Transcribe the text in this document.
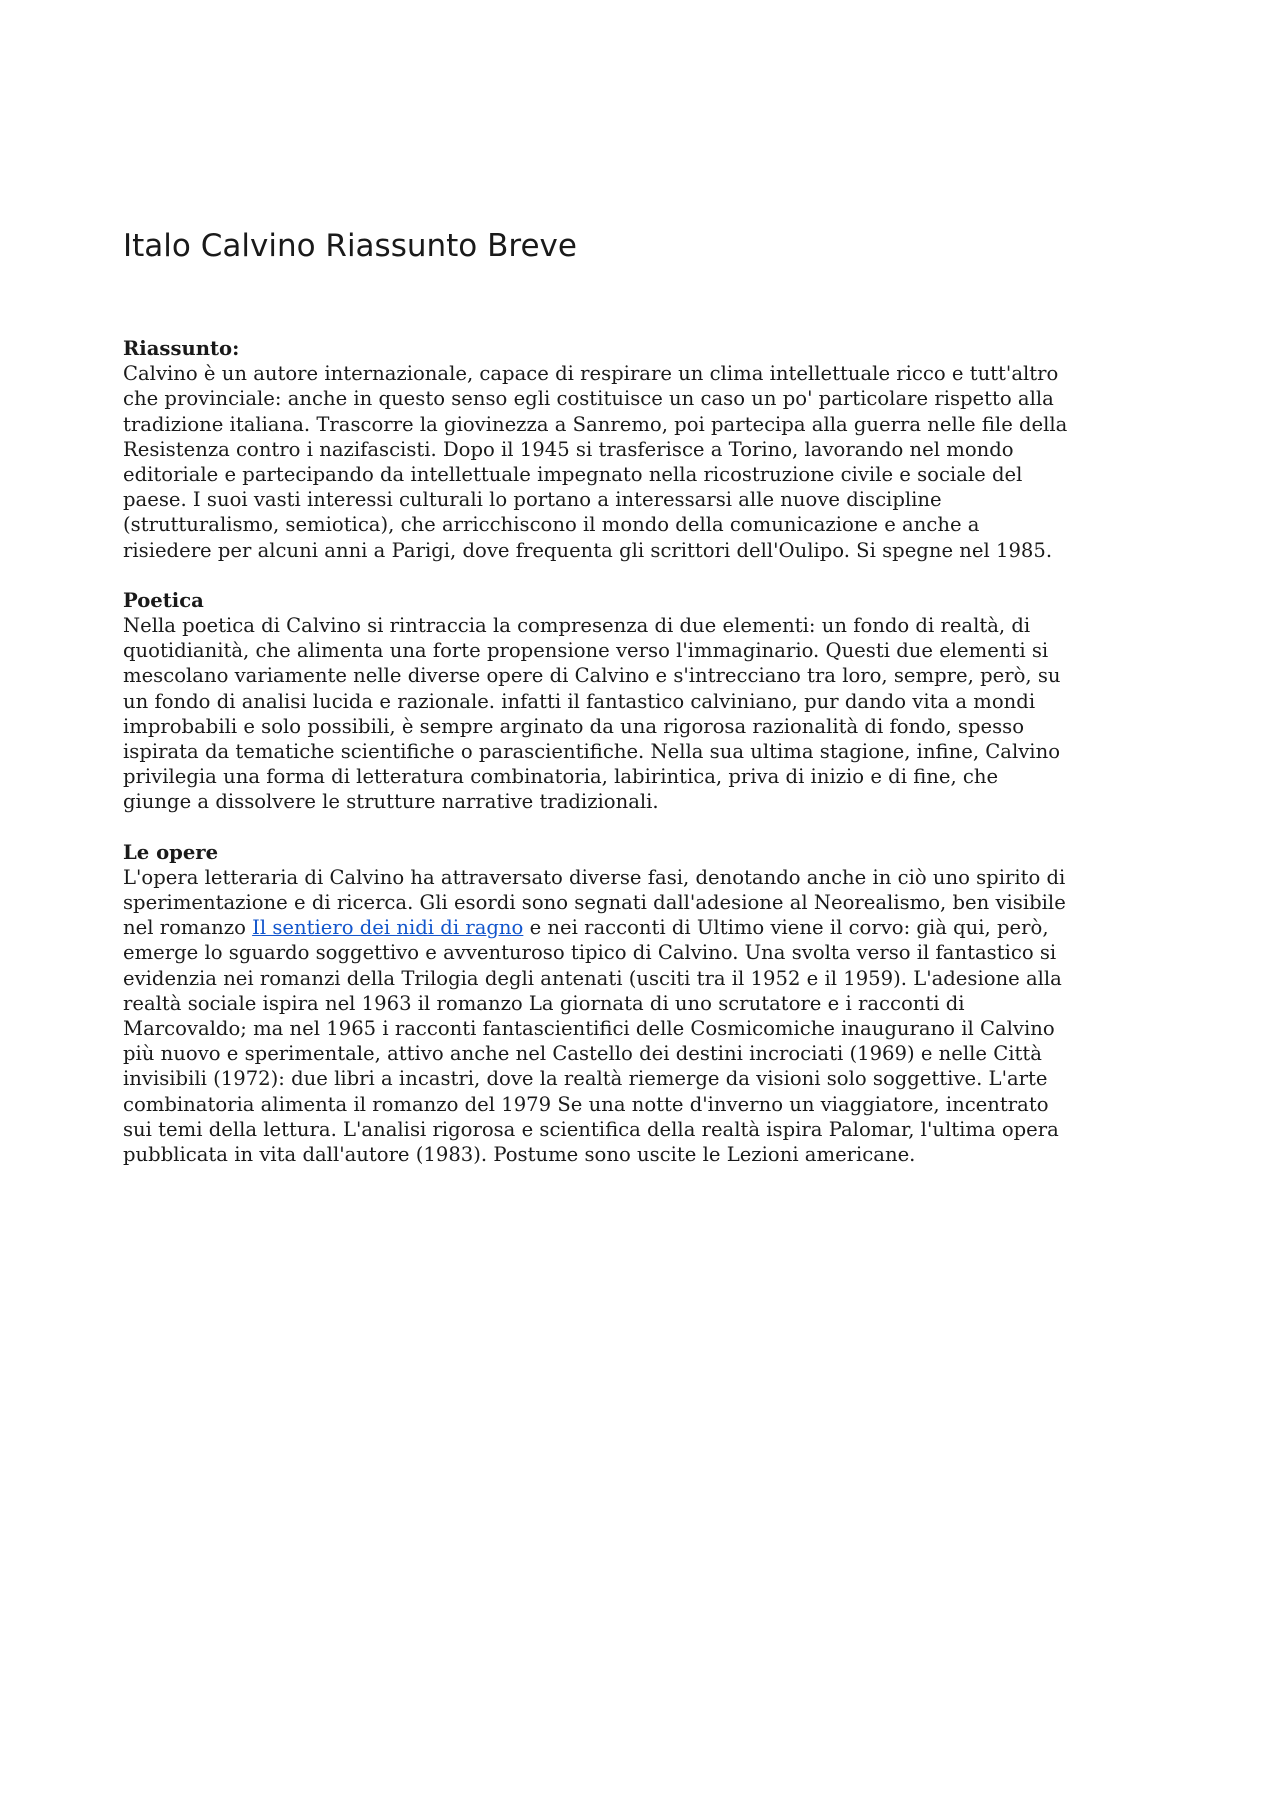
Italo Calvino Riassunto Breve
Riassunto:
Calvino è un autore internazionale, capace di respirare un clima intellettuale ricco e tutt'altro
che provinciale: anche in questo senso egli costituisce un caso un po' particolare rispetto alla
tradizione italiana. Trascorre la giovinezza a Sanremo, poi partecipa alla guerra nelle file della
Resistenza contro i nazifascisti. Dopo il 1945 si trasferisce a Torino, lavorando nel mondo
editoriale e partecipando da intellettuale impegnato nella ricostruzione civile e sociale del
paese. I suoi vasti interessi culturali lo portano a interessarsi alle nuove discipline
(strutturalismo, semiotica), che arricchiscono il mondo della comunicazione e anche a
risiedere per alcuni anni a Parigi, dove frequenta gli scrittori dell'Oulipo. Si spegne nel 1985.
Poetica
Nella poetica di Calvino si rintraccia la compresenza di due elementi: un fondo di realtà, di
quotidianità, che alimenta una forte propensione verso l'immaginario. Questi due elementi si
mescolano variamente nelle diverse opere di Calvino e s'intrecciano tra loro, sempre, però, su
un fondo di analisi lucida e razionale. infatti il fantastico calviniano, pur dando vita a mondi
improbabili e solo possibili, è sempre arginato da una rigorosa razionalità di fondo, spesso
ispirata da tematiche scientifiche o parascientifiche. Nella sua ultima stagione, infine, Calvino
privilegia una forma di letteratura combinatoria, labirintica, priva di inizio e di fine, che
giunge a dissolvere le strutture narrative tradizionali.
Le opere
L'opera letteraria di Calvino ha attraversato diverse fasi, denotando anche in ciò uno spirito di
sperimentazione e di ricerca. Gli esordi sono segnati dall'adesione al Neorealismo, ben visibile
nel romanzo Il sentiero dei nidi di ragno e nei racconti di Ultimo viene il corvo: già qui, però,
emerge lo sguardo soggettivo e avventuroso tipico di Calvino. Una svolta verso il fantastico si
evidenzia nei romanzi della Trilogia degli antenati (usciti tra il 1952 e il 1959). L'adesione alla
realtà sociale ispira nel 1963 il romanzo La giornata di uno scrutatore e i racconti di
Marcovaldo; ma nel 1965 i racconti fantascientifici delle Cosmicomiche inaugurano il Calvino
più nuovo e sperimentale, attivo anche nel Castello dei destini incrociati (1969) e nelle Città
invisibili (1972): due libri a incastri, dove la realtà riemerge da visioni solo soggettive. L'arte
combinatoria alimenta il romanzo del 1979 Se una notte d'inverno un viaggiatore, incentrato
sui temi della lettura. L'analisi rigorosa e scientifica della realtà ispira Palomar, l'ultima opera
pubblicata in vita dall'autore (1983). Postume sono uscite le Lezioni americane.
